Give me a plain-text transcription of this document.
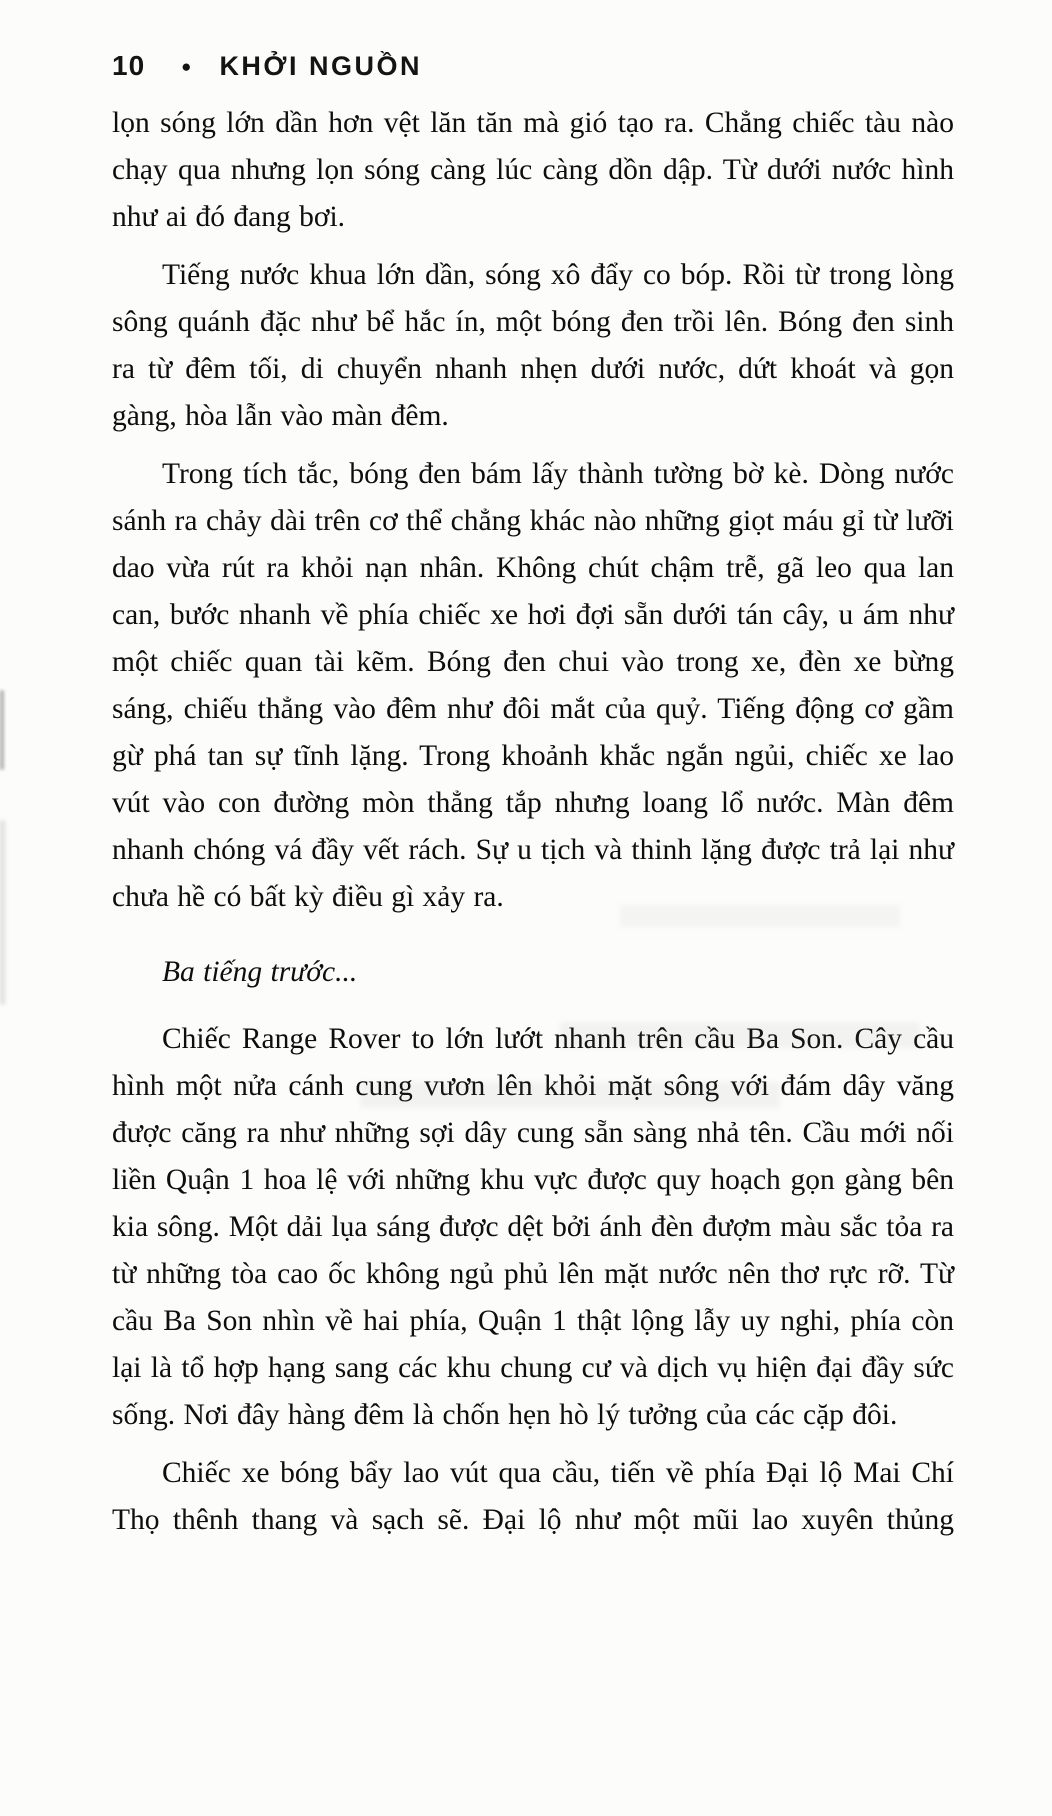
10 ● KHỞI NGUỒN

lọn sóng lớn dần hơn vệt lăn tăn mà gió tạo ra. Chẳng chiếc tàu nào chạy qua nhưng lọn sóng càng lúc càng dồn dập. Từ dưới nước hình như ai đó đang bơi.

Tiếng nước khua lớn dần, sóng xô đẩy co bóp. Rồi từ trong lòng sông quánh đặc như bể hắc ín, một bóng đen trồi lên. Bóng đen sinh ra từ đêm tối, di chuyển nhanh nhẹn dưới nước, dứt khoát và gọn gàng, hòa lẫn vào màn đêm.

Trong tích tắc, bóng đen bám lấy thành tường bờ kè. Dòng nước sánh ra chảy dài trên cơ thể chẳng khác nào những giọt máu gỉ từ lưỡi dao vừa rút ra khỏi nạn nhân. Không chút chậm trễ, gã leo qua lan can, bước nhanh về phía chiếc xe hơi đợi sẵn dưới tán cây, u ám như một chiếc quan tài kẽm. Bóng đen chui vào trong xe, đèn xe bừng sáng, chiếu thẳng vào đêm như đôi mắt của quỷ. Tiếng động cơ gầm gừ phá tan sự tĩnh lặng. Trong khoảnh khắc ngắn ngủi, chiếc xe lao vút vào con đường mòn thẳng tắp nhưng loang lổ nước. Màn đêm nhanh chóng vá đầy vết rách. Sự u tịch và thinh lặng được trả lại như chưa hề có bất kỳ điều gì xảy ra.

Ba tiếng trước...

Chiếc Range Rover to lớn lướt nhanh trên cầu Ba Son. Cây cầu hình một nửa cánh cung vươn lên khỏi mặt sông với đám dây văng được căng ra như những sợi dây cung sẵn sàng nhả tên. Cầu mới nối liền Quận 1 hoa lệ với những khu vực được quy hoạch gọn gàng bên kia sông. Một dải lụa sáng được dệt bởi ánh đèn đượm màu sắc tỏa ra từ những tòa cao ốc không ngủ phủ lên mặt nước nên thơ rực rỡ. Từ cầu Ba Son nhìn về hai phía, Quận 1 thật lộng lẫy uy nghi, phía còn lại là tổ hợp hạng sang các khu chung cư và dịch vụ hiện đại đầy sức sống. Nơi đây hàng đêm là chốn hẹn hò lý tưởng của các cặp đôi.

Chiếc xe bóng bẩy lao vút qua cầu, tiến về phía Đại lộ Mai Chí Thọ thênh thang và sạch sẽ. Đại lộ như một mũi lao xuyên thủng
